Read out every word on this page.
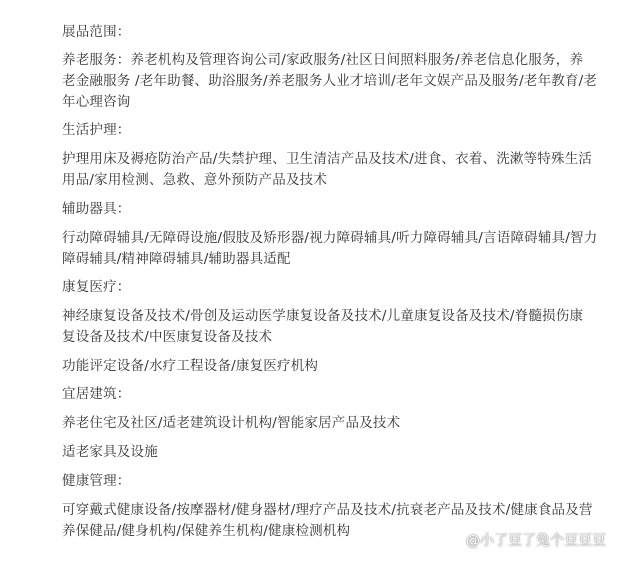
展品范围：
养老服务：养老机构及管理咨询公司/家政服务/社区日间照料服务/养老信息化服务，养
老金融服务 /老年助餐、助浴服务/养老服务人业才培训/老年文娱产品及服务/老年教育/老
年心理咨询
生活护理：
护理用床及褥疮防治产品/失禁护理、卫生清洁产品及技术/进食、衣着、洗漱等特殊生活
用品/家用检测、急救、意外预防产品及技术
辅助器具：
行动障碍辅具/无障碍设施/假肢及矫形器/视力障碍辅具/听力障碍辅具/言语障碍辅具/智力
障碍辅具/精神障碍辅具/辅助器具适配
康复医疗：
神经康复设备及技术/骨创及运动医学康复设备及技术/儿童康复设备及技术/脊髓损伤康
复设备及技术/中医康复设备及技术
功能评定设备/水疗工程设备/康复医疗机构
宜居建筑：
养老住宅及社区/适老建筑设计机构/智能家居产品及技术
适老家具及设施
健康管理：
可穿戴式健康设备/按摩器材/健身器材/理疗产品及技术/抗衰老产品及技术/健康食品及营
养保健品/健身机构/保健养生机构/健康检测机构
@小了豆了兔个豆豆豆
